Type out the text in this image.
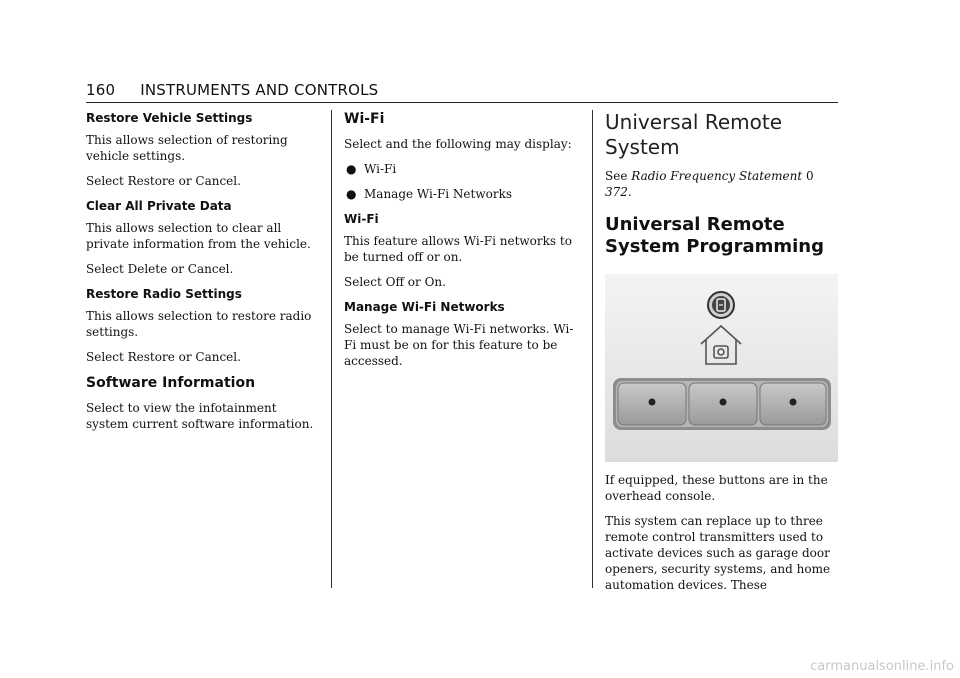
160 INSTRUMENTS AND CONTROLS
Restore Vehicle Settings

This allows selection of restoring vehicle settings.

Select Restore or Cancel.

Clear All Private Data

This allows selection to clear all private information from the vehicle.

Select Delete or Cancel.

Restore Radio Settings

This allows selection to restore radio settings.

Select Restore or Cancel.

Software Information

Select to view the infotainment system current software information.

Wi-Fi

Select and the following may display:

● Wi-Fi
● Manage Wi-Fi Networks
Wi-Fi

This feature allows Wi-Fi networks to be turned off or on.

Select Off or On.

Manage Wi-Fi Networks

Select to manage Wi-Fi networks. Wi-Fi must be on for this feature to be accessed.

Universal Remote System

See Radio Frequency Statement 0 372.

Universal Remote System Programming

If equipped, these buttons are in the overhead console.

This system can replace up to three remote control transmitters used to activate devices such as garage door openers, security systems, and home automation devices. These

carmanualsonline.info
